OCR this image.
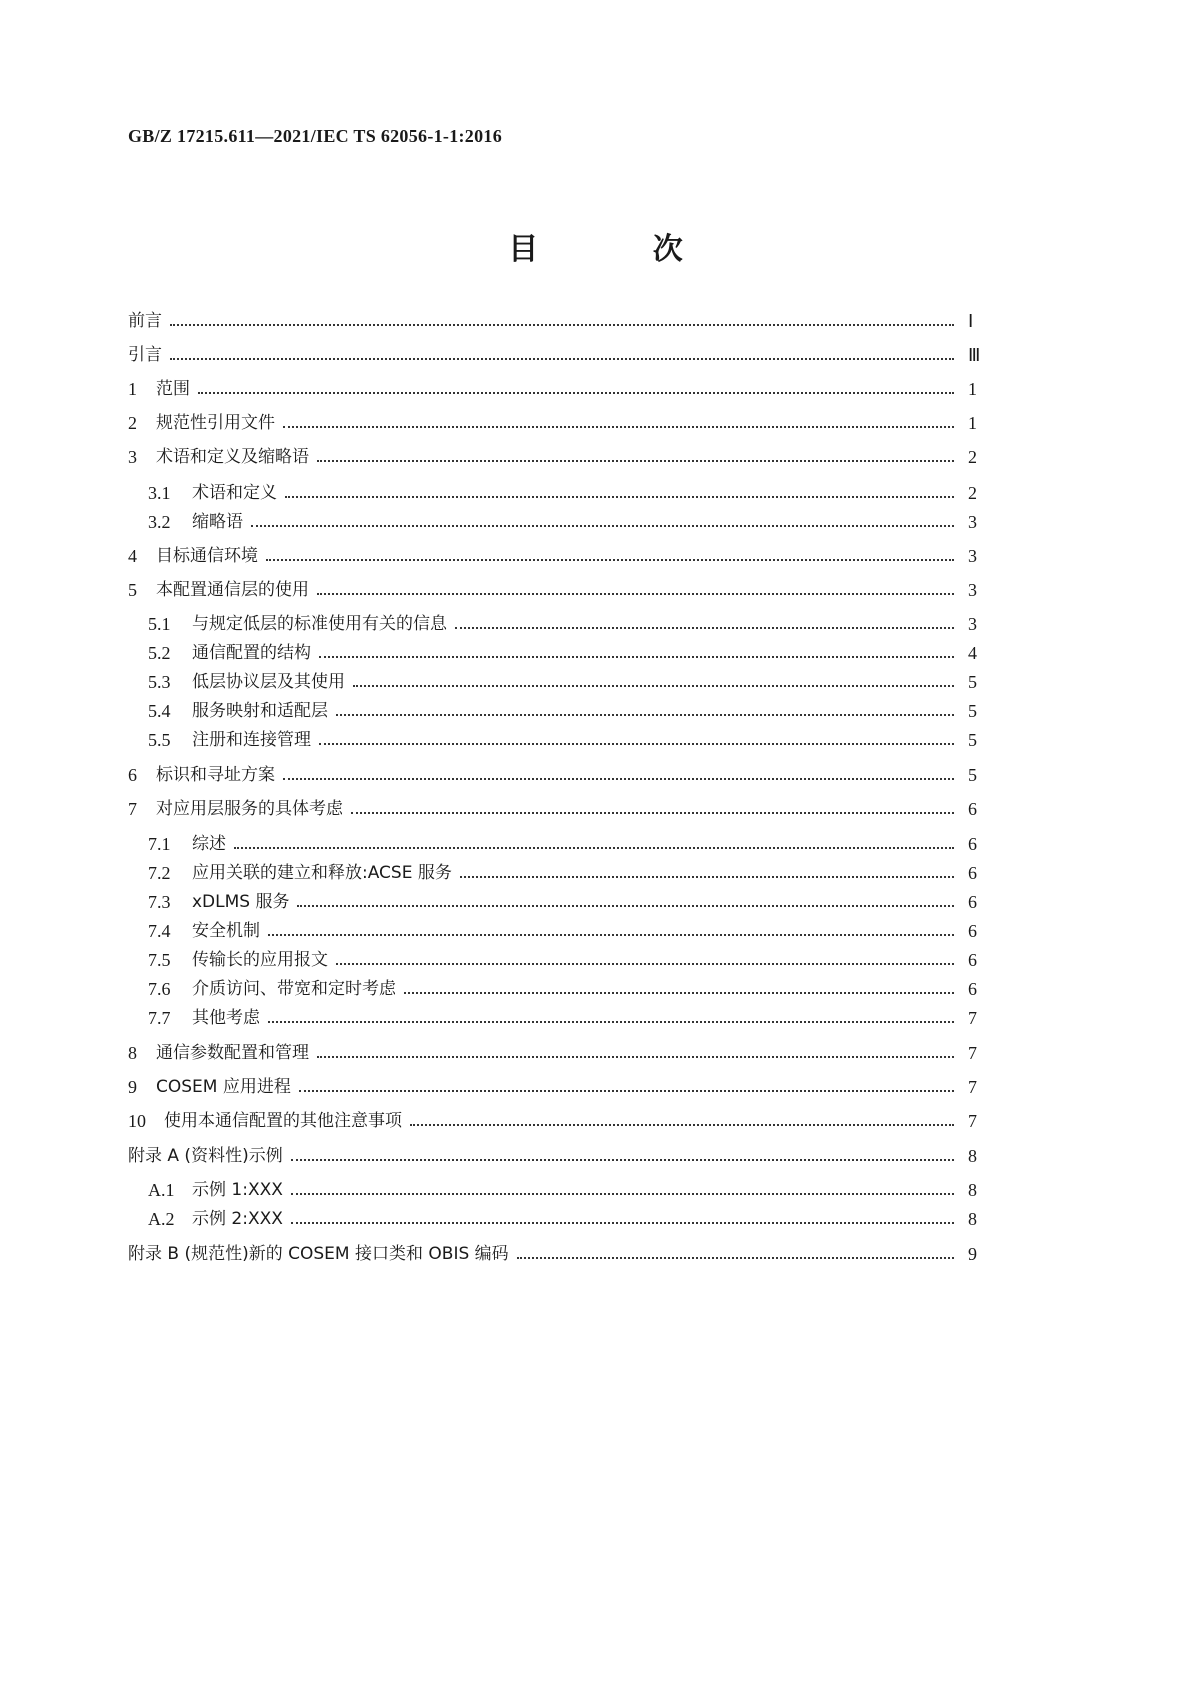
GB/Z 17215.611—2021/IEC TS 62056-1-1:2016
目 次
前言	Ⅰ
引言	Ⅲ
1	范围	1
2	规范性引用文件	1
3	术语和定义及缩略语	2
3.1	术语和定义	2
3.2	缩略语	3
4	目标通信环境	3
5	本配置通信层的使用	3
5.1	与规定低层的标准使用有关的信息	3
5.2	通信配置的结构	4
5.3	低层协议层及其使用	5
5.4	服务映射和适配层	5
5.5	注册和连接管理	5
6	标识和寻址方案	5
7	对应用层服务的具体考虑	6
7.1	综述	6
7.2	应用关联的建立和释放:ACSE 服务	6
7.3	xDLMS 服务	6
7.4	安全机制	6
7.5	传输长的应用报文	6
7.6	介质访问、带宽和定时考虑	6
7.7	其他考虑	7
8	通信参数配置和管理	7
9	COSEM 应用进程	7
10	使用本通信配置的其他注意事项	7
附录 A (资料性)示例	8
A.1	示例 1:XXX	8
A.2	示例 2:XXX	8
附录 B (规范性)新的 COSEM 接口类和 OBIS 编码	9
